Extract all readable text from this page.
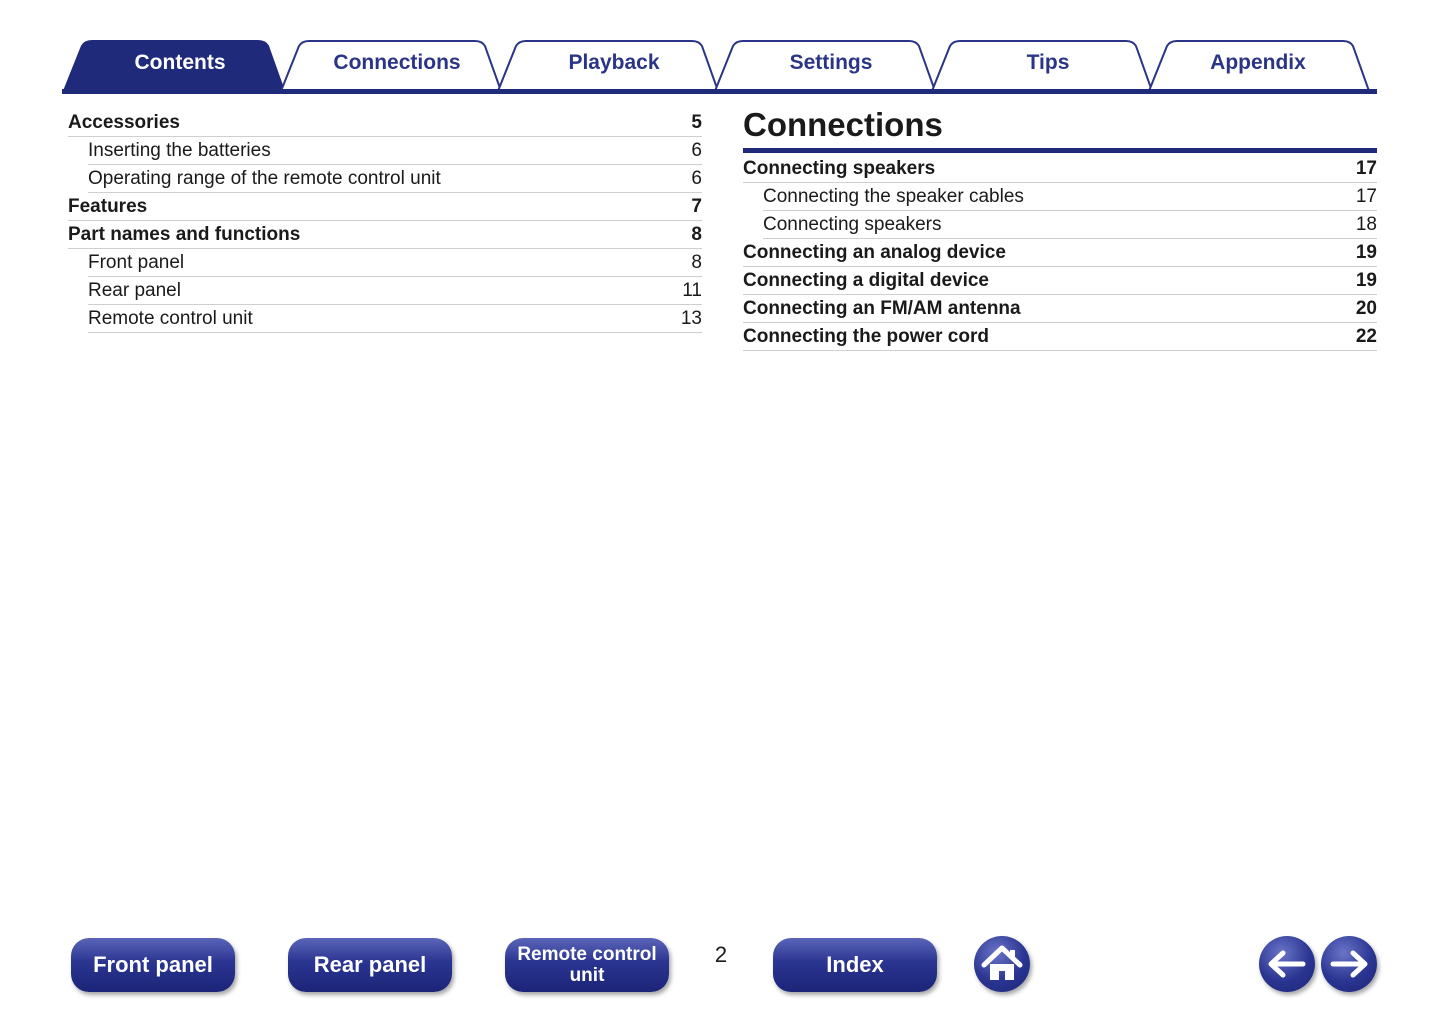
Contents	Connections	Playback	Settings	Tips	Appendix
Accessories	5
Inserting the batteries	6
Operating range of the remote control unit	6
Features	7
Part names and functions	8
Front panel	8
Rear panel	11
Remote control unit	13
Connections
Connecting speakers	17
Connecting the speaker cables	17
Connecting speakers	18
Connecting an analog device	19
Connecting a digital device	19
Connecting an FM/AM antenna	20
Connecting the power cord	22
Front panel	Rear panel	Remote control
unit
2	Index
